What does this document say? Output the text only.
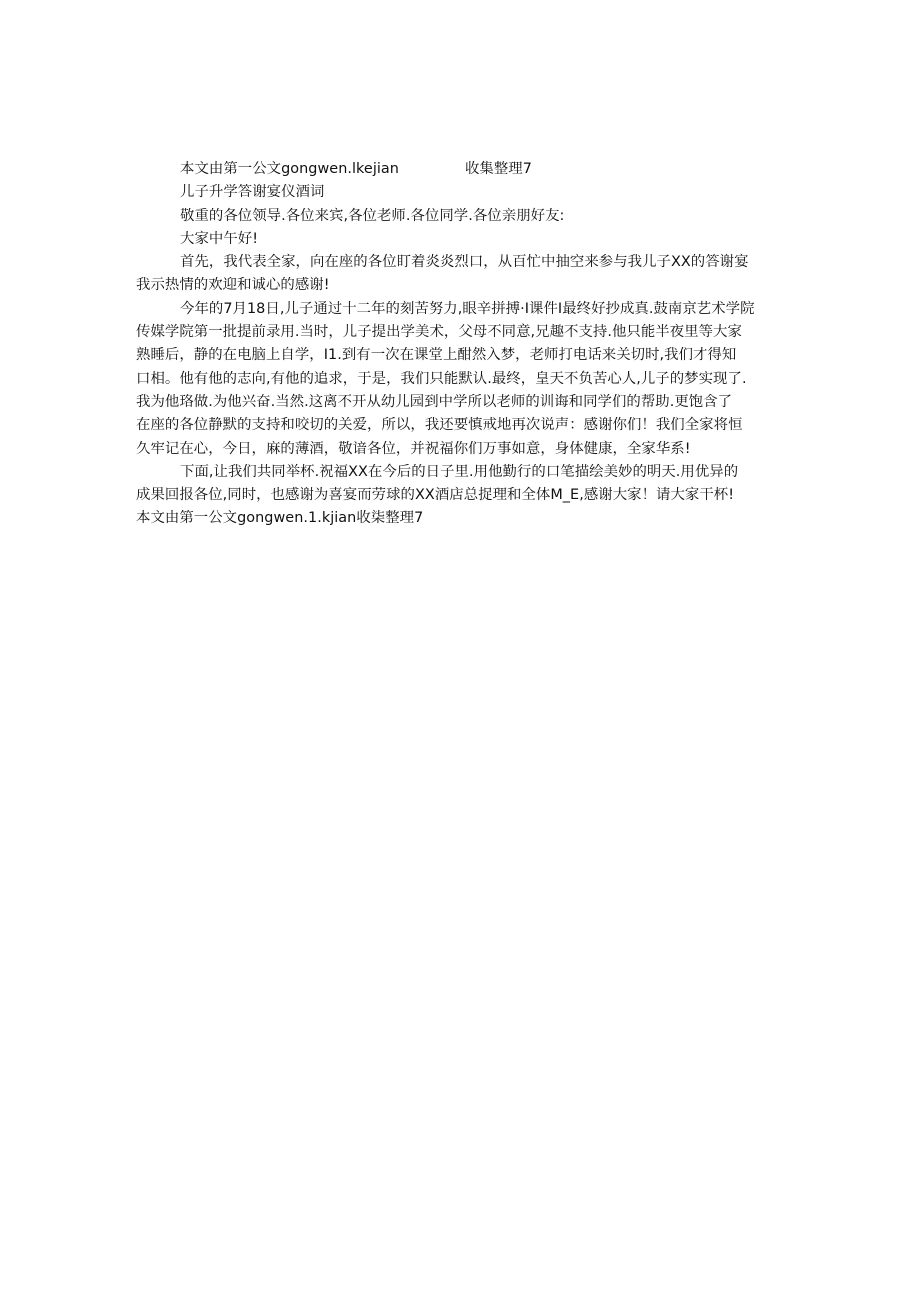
本文由第一公文gongwen.lkejian	收集整理7
儿子升学答谢宴仪酒词
敬重的各位领导.各位来宾,各位老师.各位同学.各位亲朋好友:
大家中午好!
首先，我代表全家，向在座的各位盯着炎炎烈口，从百忙中抽空来参与我儿子XX的答谢宴
我示热情的欢迎和诚心的感谢!
今年的7月18日,儿子通过十二年的刻苦努力,眼辛拼搏·I课件I最终好抄成真.鼓南京艺术学院
传媒学院第一批提前录用.当时，儿子提出学美术，父母不同意,兄趣不支持.他只能半夜里等大家
熟睡后，静的在电脑上自学，I1.到有一次在课堂上酣然入梦，老师打电话来关切时,我们才得知
口相。他有他的志向,有他的追求，于是，我们只能默认.最终，皇天不负苦心人,儿子的梦实现了.
我为他珞做.为他兴奋.当然.这离不开从幼儿园到中学所以老师的训诲和同学们的帮助.更饱含了
在座的各位静默的支持和咬切的关爱，所以，我还要慎戒地再次说声：感谢你们！我们全家将恒
久牢记在心，今日，麻的薄酒，敬谙各位，并祝福你们万事如意，身体健康，全家华系!
下面,让我们共同举杯.祝福XX在今后的日子里.用他勤行的口笔描绘美妙的明天.用优异的
成果回报各位,同时，也感谢为喜宴而劳球的XX酒店总捉理和全体M_E,感谢大家！请大家干杯!
本文由第一公文gongwen.1.kjian收柒整理7
